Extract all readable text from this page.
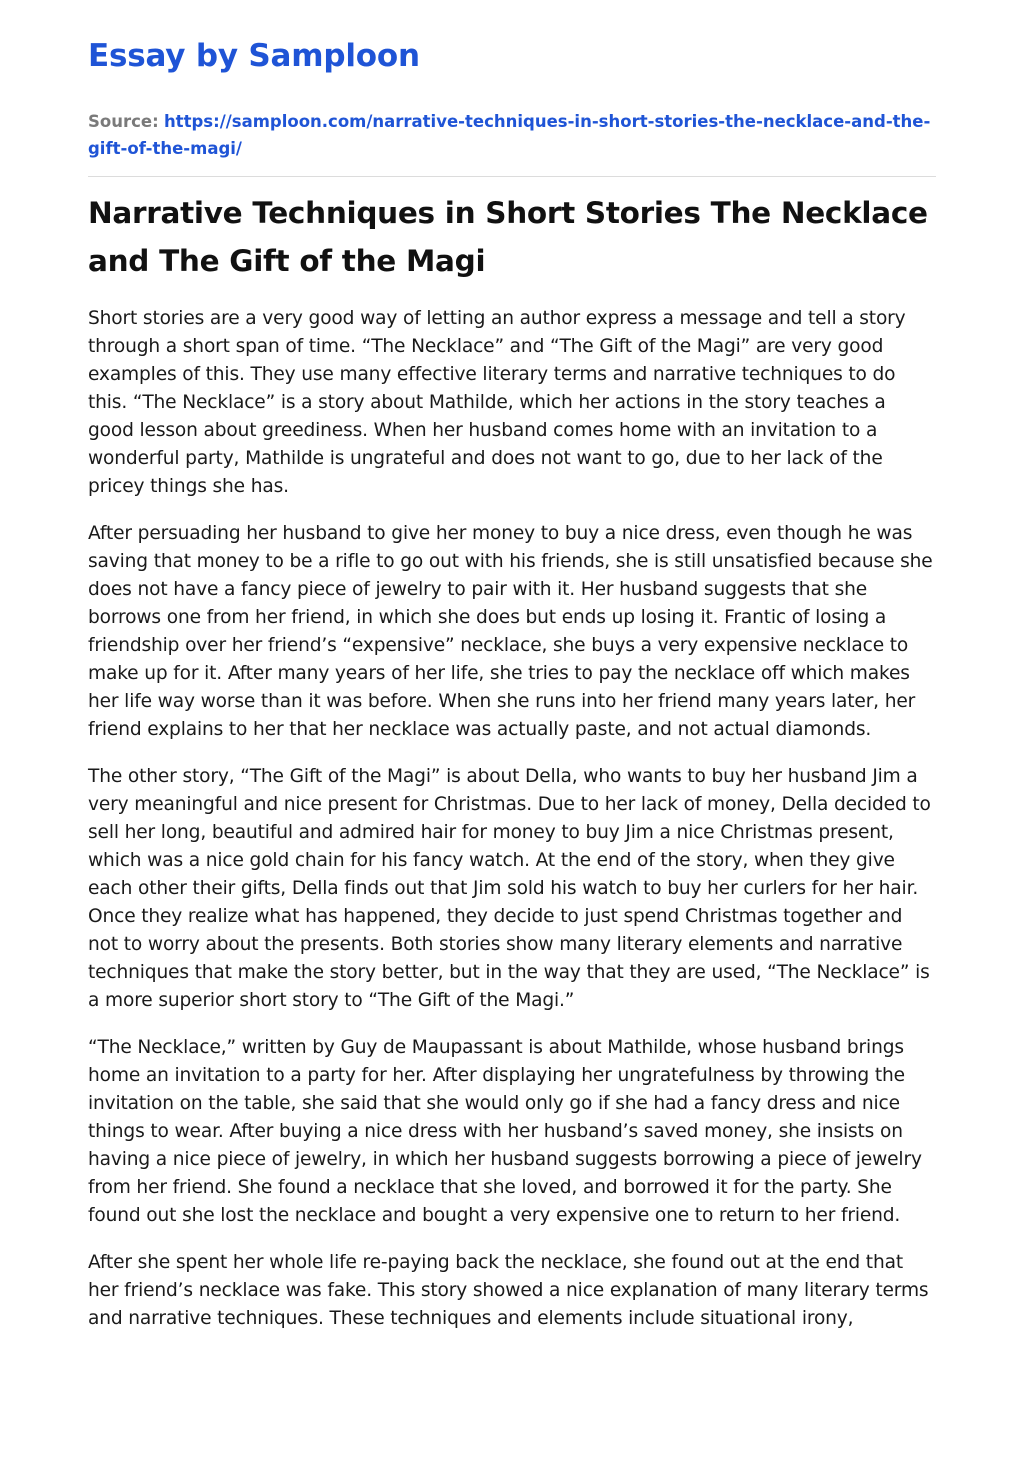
Essay by Samploon
Source: https://samploon.com/narrative-techniques-in-short-stories-the-necklace-and-the-gift-of-the-magi/
Narrative Techniques in Short Stories The Necklace and The Gift of the Magi

Short stories are a very good way of letting an author express a message and tell a story through a short span of time. “The Necklace” and “The Gift of the Magi” are very good examples of this. They use many effective literary terms and narrative techniques to do this. “The Necklace” is a story about Mathilde, which her actions in the story teaches a good lesson about greediness. When her husband comes home with an invitation to a wonderful party, Mathilde is ungrateful and does not want to go, due to her lack of the pricey things she has.

After persuading her husband to give her money to buy a nice dress, even though he was saving that money to be a rifle to go out with his friends, she is still unsatisfied because she does not have a fancy piece of jewelry to pair with it. Her husband suggests that she borrows one from her friend, in which she does but ends up losing it. Frantic of losing a friendship over her friend’s “expensive” necklace, she buys a very expensive necklace to make up for it. After many years of her life, she tries to pay the necklace off which makes her life way worse than it was before. When she runs into her friend many years later, her friend explains to her that her necklace was actually paste, and not actual diamonds.

The other story, “The Gift of the Magi” is about Della, who wants to buy her husband Jim a very meaningful and nice present for Christmas. Due to her lack of money, Della decided to sell her long, beautiful and admired hair for money to buy Jim a nice Christmas present, which was a nice gold chain for his fancy watch. At the end of the story, when they give each other their gifts, Della finds out that Jim sold his watch to buy her curlers for her hair. Once they realize what has happened, they decide to just spend Christmas together and not to worry about the presents. Both stories show many literary elements and narrative techniques that make the story better, but in the way that they are used, “The Necklace” is a more superior short story to “The Gift of the Magi.”

“The Necklace,” written by Guy de Maupassant is about Mathilde, whose husband brings home an invitation to a party for her. After displaying her ungratefulness by throwing the invitation on the table, she said that she would only go if she had a fancy dress and nice things to wear. After buying a nice dress with her husband’s saved money, she insists on having a nice piece of jewelry, in which her husband suggests borrowing a piece of jewelry from her friend. She found a necklace that she loved, and borrowed it for the party. She found out she lost the necklace and bought a very expensive one to return to her friend.

After she spent her whole life re-paying back the necklace, she found out at the end that her friend’s necklace was fake. This story showed a nice explanation of many literary terms and narrative techniques. These techniques and elements include situational irony,
